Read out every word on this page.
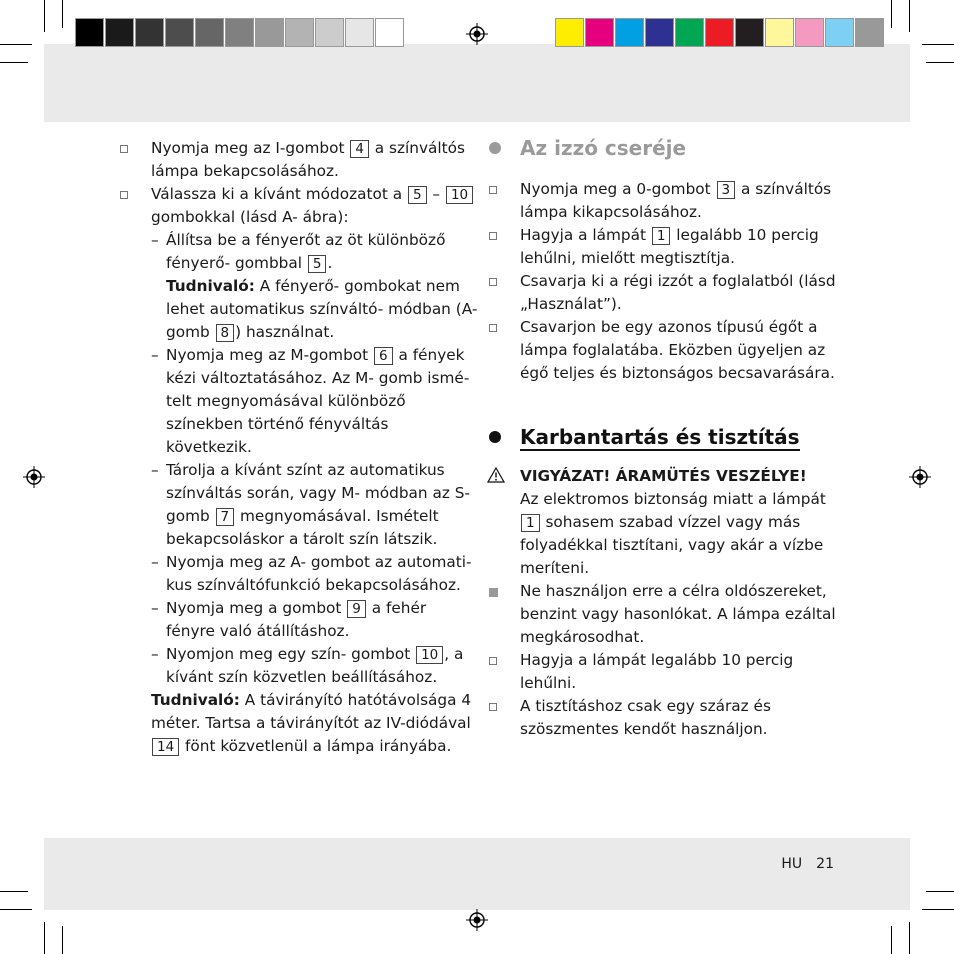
Nyomja meg az I-gombot 4 a színváltós lámpa bekapcsolásához.
Válassza ki a kívánt módozatot a 5 – 10 gombokkal (lásd A- ábra):
– Állítsa be a fényerőt az öt különböző fényerő- gombbal 5 .
Tudnivaló: A fényerő- gombokat nem lehet automatikus színváltó- módban (A-gomb 8 ) használnat.
– Nyomja meg az M-gombot 6 a fények kézi változtatásához. Az M- gomb ismételt megnyomásával különböző színekben történő fényváltás következik.
– Tárolja a kívánt színt az automatikus színváltás során, vagy M- módban az S-gomb 7 megnyomásával. Ismételt bekapcsoláskor a tárolt szín látszik.
– Nyomja meg az A- gombot az automatikus színváltófunkció bekapcsolásához.
– Nyomja meg a gombot 9 a fehér fényre való átállításhoz.
– Nyomjon meg egy szín- gombot 10 , a kívánt szín közvetlen beállításához.
Tudnivaló: A távirányító hatótávolsága 4 méter. Tartsa a távirányítót az IV-diódával 14 fönt közvetlenül a lámpa irányába.
Az izzó cseréje
Nyomja meg a 0-gombot 3 a színváltós lámpa kikapcsolásához.
Hagyja a lámpát 1 legalább 10 percig lehűlni, mielőtt megtisztítja.
Csavarja ki a régi izzót a foglalatból (lásd „Használat”).
Csavarjon be egy azonos típusú égőt a lámpa foglalatába. Eközben ügyeljen az égő teljes és biztonságos becsavarására.
Karbantartás és tisztítás
VIGYÁZAT! ÁRAMÜTÉS VESZÉLYE!
Az elektromos biztonság miatt a lámpát 1 sohasem szabad vízzel vagy más folyadékkal tisztítani, vagy akár a vízbe meríteni.
Ne használjon erre a célra oldószereket, benzint vagy hasonlókat. A lámpa ezáltal megkárosodhat.
Hagyja a lámpát legalább 10 percig lehűlni.
A tisztításhoz csak egy száraz és szöszmentes kendőt használjon.
HU 21
